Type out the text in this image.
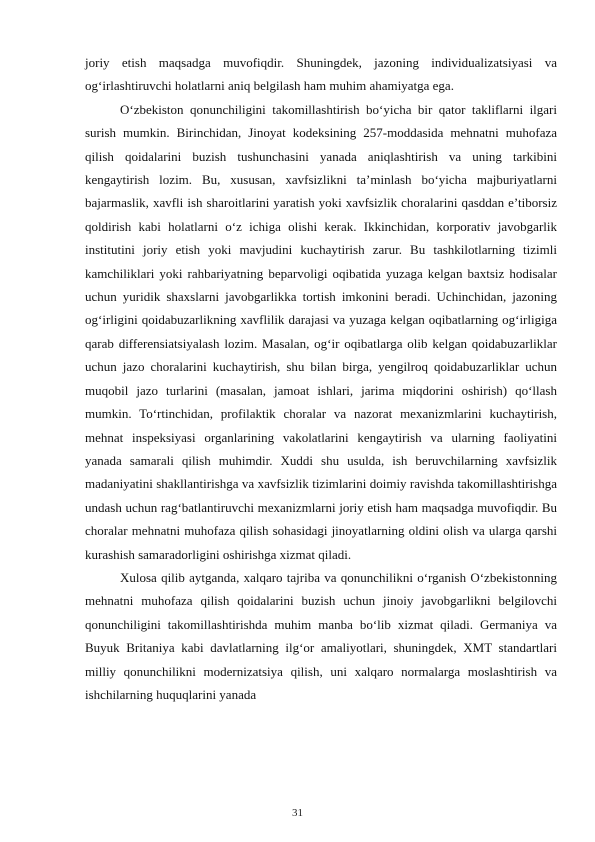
joriy etish maqsadga muvofiqdir. Shuningdek, jazoning individualizatsiyasi va og‘irlashtiruvchi holatlarni aniq belgilash ham muhim ahamiyatga ega.

O‘zbekiston qonunchiligini takomillashtirish bo‘yicha bir qator takliflarni ilgari surish mumkin. Birinchidan, Jinoyat kodeksining 257-moddasida mehnatni muhofaza qilish qoidalarini buzish tushunchasini yanada aniqlashtirish va uning tarkibini kengaytirish lozim. Bu, xususan, xavfsizlikni ta’minlash bo‘yicha majburiyatlarni bajarmaslik, xavfli ish sharoitlarini yaratish yoki xavfsizlik choralarini qasddan e’tiborsiz qoldirish kabi holatlarni o‘z ichiga olishi kerak. Ikkinchidan, korporativ javobgarlik institutini joriy etish yoki mavjudini kuchaytirish zarur. Bu tashkilotlarning tizimli kamchiliklari yoki rahbariyatning beparvoligi oqibatida yuzaga kelgan baxtsiz hodisalar uchun yuridik shaxslarni javobgarlikka tortish imkonini beradi. Uchinchidan, jazoning og‘irligini qoidabuzarlikning xavflilik darajasi va yuzaga kelgan oqibatlarning og‘irligiga qarab differensiatsiyalash lozim. Masalan, og‘ir oqibatlarga olib kelgan qoidabuzarliklar uchun jazo choralarini kuchaytirish, shu bilan birga, yengilroq qoidabuzarliklar uchun muqobil jazo turlarini (masalan, jamoat ishlari, jarima miqdorini oshirish) qo‘llash mumkin. To‘rtinchidan, profilaktik choralar va nazorat mexanizmlarini kuchaytirish, mehnat inspeksiyasi organlarining vakolatlarini kengaytirish va ularning faoliyatini yanada samarali qilish muhimdir. Xuddi shu usulda, ish beruvchilarning xavfsizlik madaniyatini shakllantirishga va xavfsizlik tizimlarini doimiy ravishda takomillashtirishga undash uchun rag‘batlantiruvchi mexanizmlarni joriy etish ham maqsadga muvofiqdir. Bu choralar mehnatni muhofaza qilish sohasidagi jinoyatlarning oldini olish va ularga qarshi kurashish samaradorligini oshirishga xizmat qiladi.

Xulosa qilib aytganda, xalqaro tajriba va qonunchilikni o‘rganish O‘zbekistonning mehnatni muhofaza qilish qoidalarini buzish uchun jinoiy javobgarlikni belgilovchi qonunchiligini takomillashtirishda muhim manba bo‘lib xizmat qiladi. Germaniya va Buyuk Britaniya kabi davlatlarning ilg‘or amaliyotlari, shuningdek, XMT standartlari milliy qonunchilikni modernizatsiya qilish, uni xalqaro normalarga moslashtirish va ishchilarning huquqlarini yanada

31
